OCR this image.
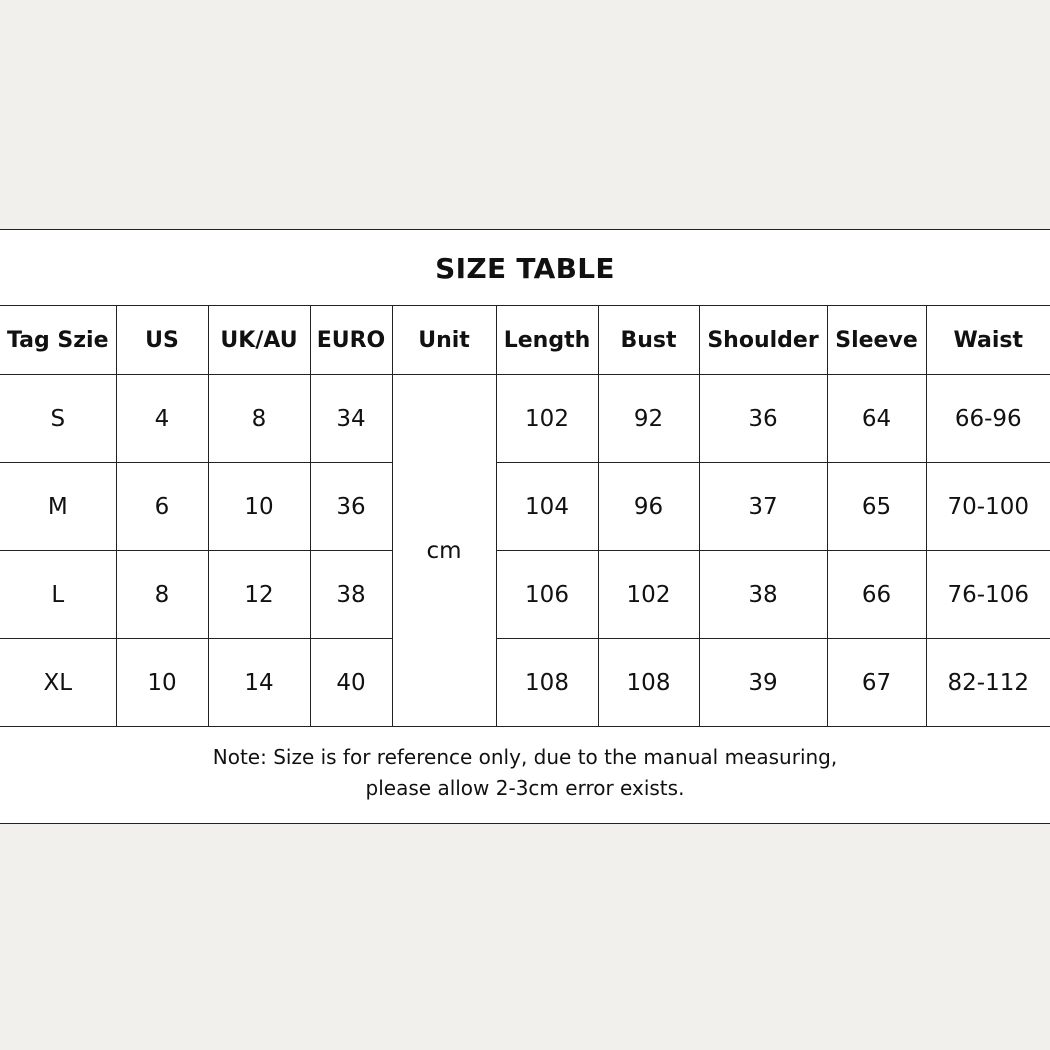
SIZE TABLE
Tag Szie	US	UK/AU	EURO	Unit	Length	Bust	Shoulder	Sleeve	Waist
S	4	8	34	cm	102	92	36	64	66-96
M	6	10	36		104	96	37	65	70-100
L	8	12	38		106	102	38	66	76-106
XL	10	14	40		108	108	39	67	82-112
Note: Size is for reference only, due to the manual measuring,
please allow 2-3cm error exists.
